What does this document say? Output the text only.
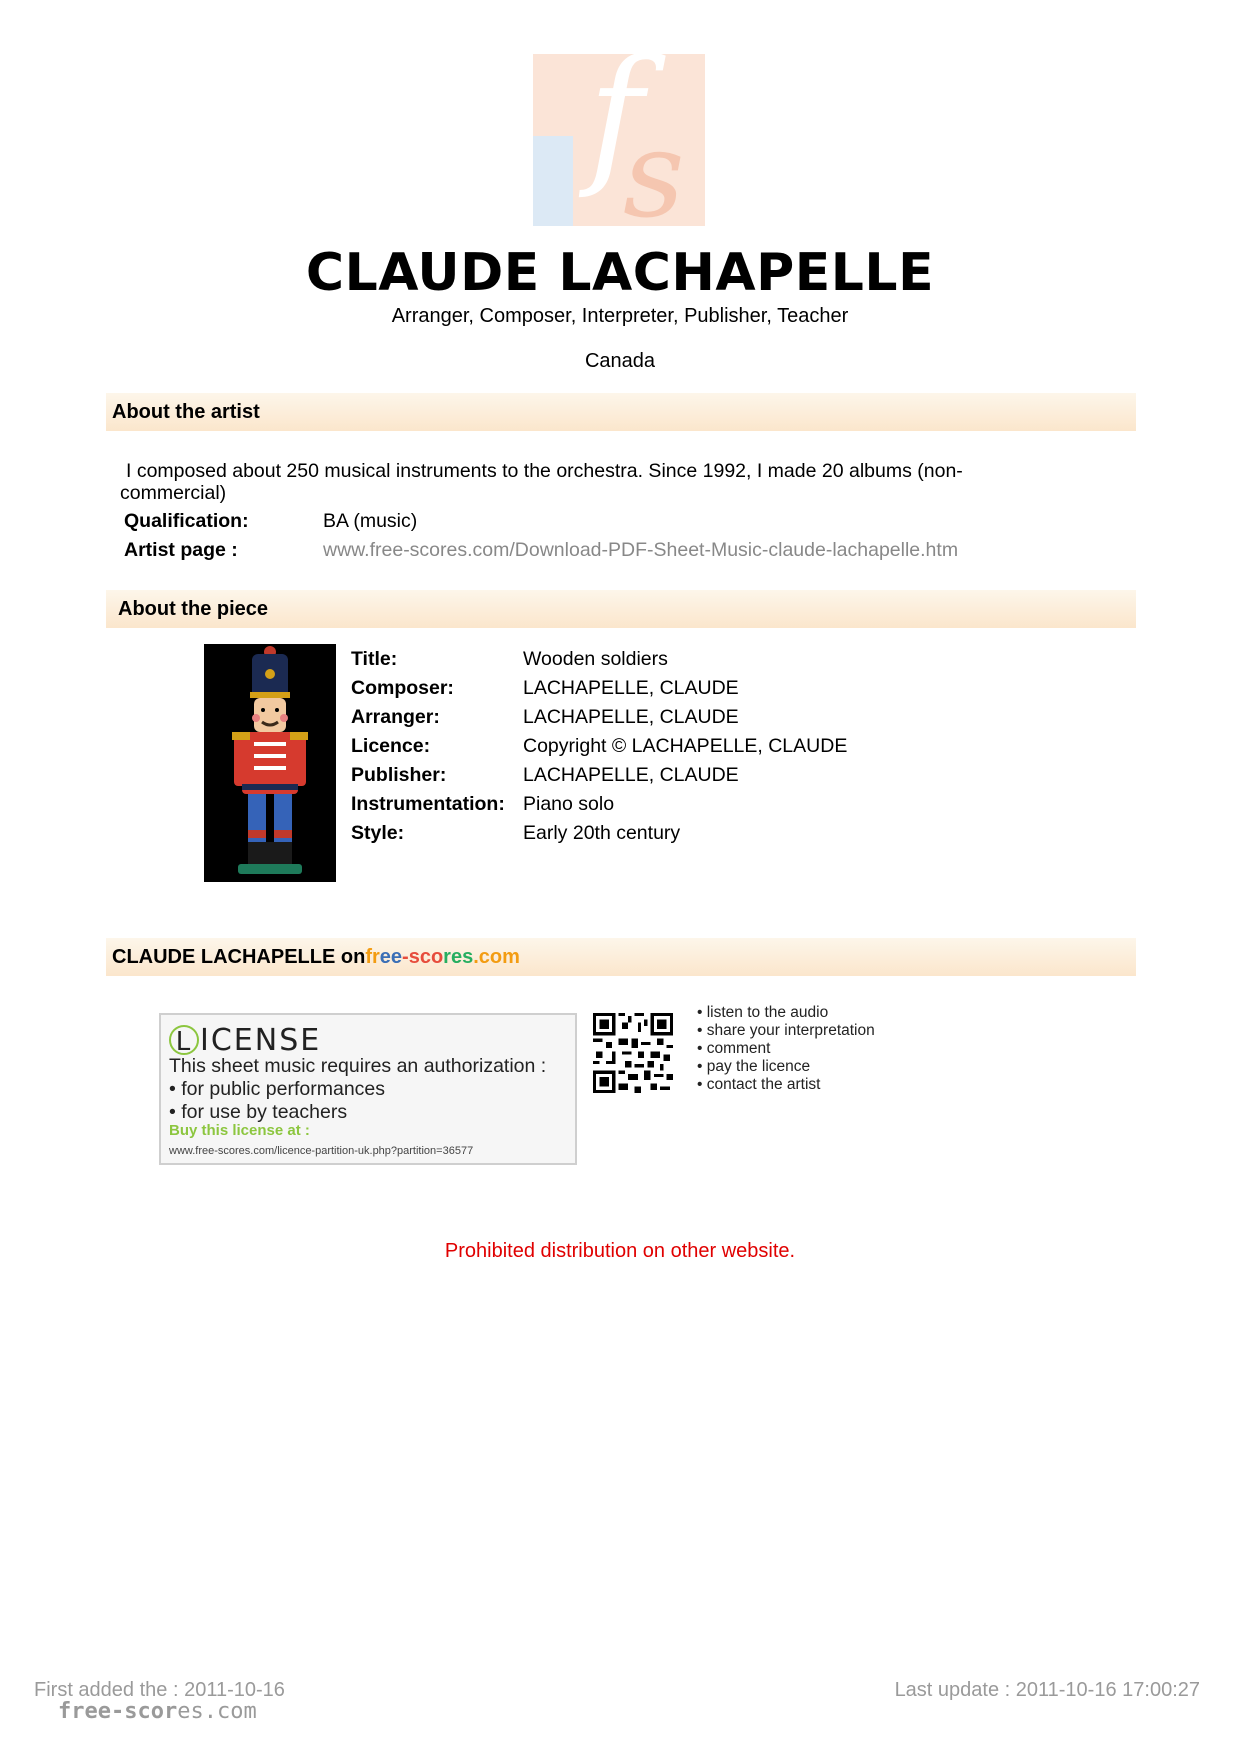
f
s
CLAUDE LACHAPELLE
Arranger, Composer, Interpreter, Publisher, Teacher
Canada
About the artist
I composed about 250 musical instruments to the orchestra. Since 1992, I made 20 albums (non-commercial)
Qualification:	BA (music)
Artist page :	www.free-scores.com/Download-PDF-Sheet-Music-claude-lachapelle.htm
About the piece
Title:	Wooden soldiers
Composer:	LACHAPELLE, CLAUDE
Arranger:	LACHAPELLE, CLAUDE
Licence:	Copyright © LACHAPELLE, CLAUDE
Publisher:	LACHAPELLE, CLAUDE
Instrumentation: Piano solo
Style:	Early 20th century
CLAUDE LACHAPELLE onfree-scores.com
L ICENSE
This sheet music requires an authorization :
• for public performances
• for use by teachers
Buy this license at :
www.free-scores.com/licence-partition-uk.php?partition=36577
• listen to the audio
• share your interpretation
• comment
• pay the licence
• contact the artist
Prohibited distribution on other website.
First added the : 2011-10-16	Last update : 2011-10-16 17:00:27
free-scores.com
